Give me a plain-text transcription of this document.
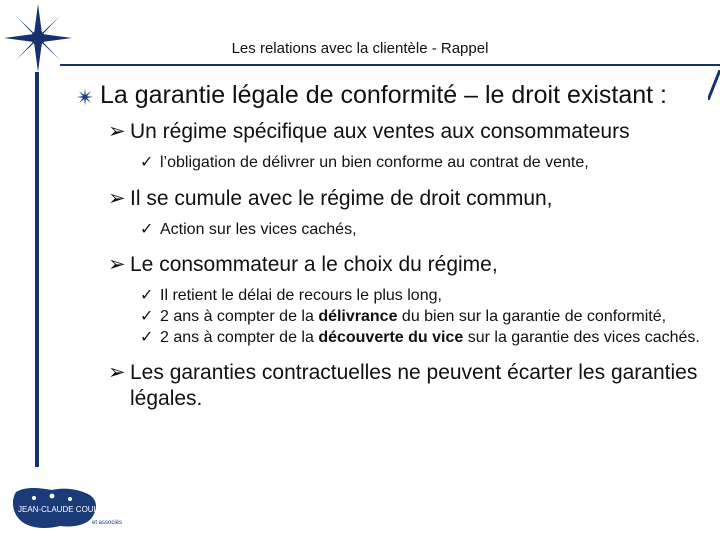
Les relations avec la clientèle - Rappel
✴ La garantie légale de conformité – le droit existant :
➢ Un régime spécifique aux ventes aux consommateurs
✓ l’obligation de délivrer un bien conforme au contrat de vente,
➢ Il se cumule avec le régime de droit commun,
✓ Action sur les vices cachés,
➢ Le consommateur a le choix du régime,
✓ Il retient le délai de recours le plus long,
✓ 2 ans à compter de la délivrance du bien sur la garantie de conformité,
✓ 2 ans à compter de la découverte du vice sur la garantie des vices cachés.
➢ Les garanties contractuelles ne peuvent écarter les garanties légales.
JEAN-CLAUDE COULON
et associés
